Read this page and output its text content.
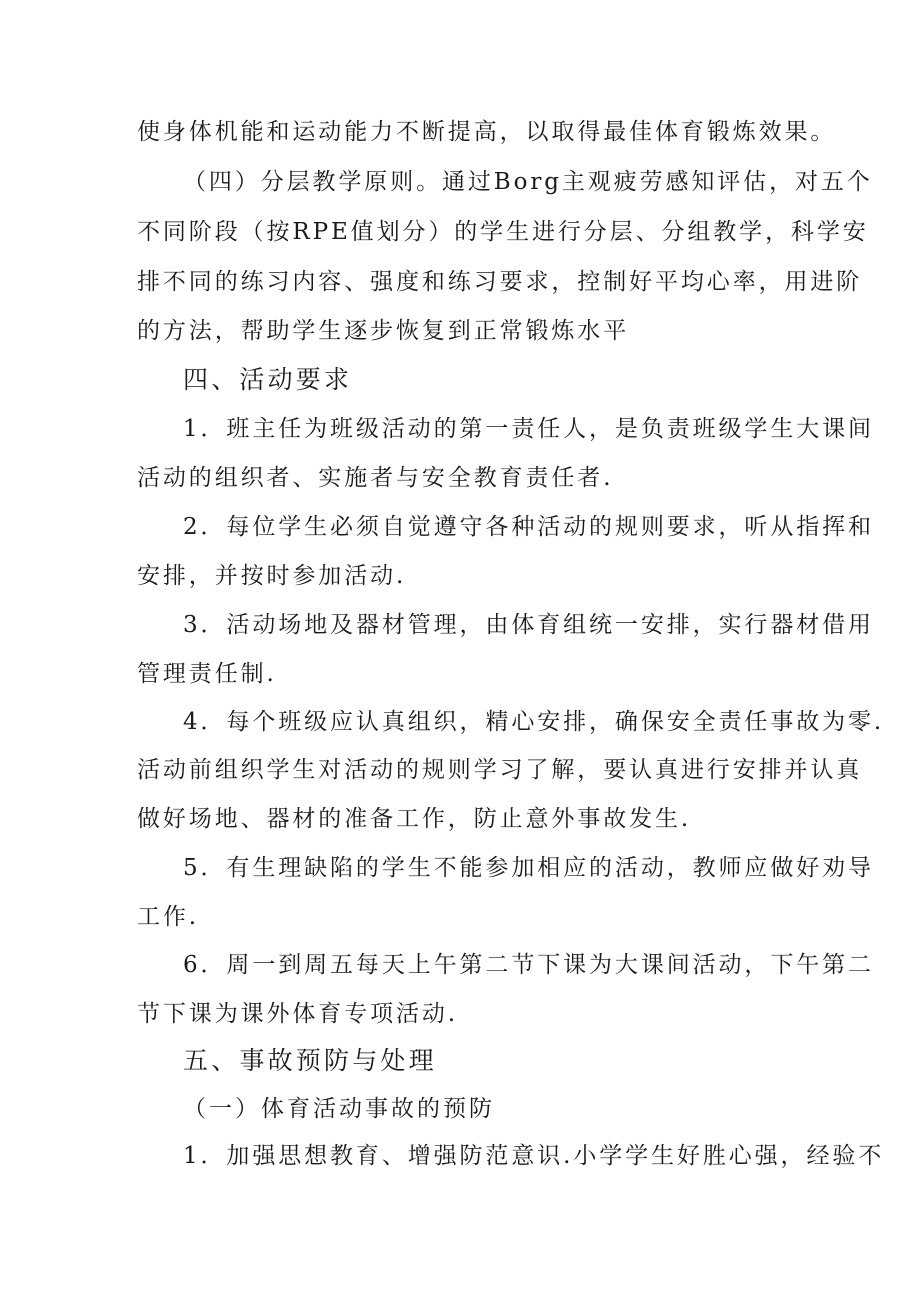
使身体机能和运动能力不断提高，以取得最佳体育锻炼效果。
（四）分层教学原则。通过Borg主观疲劳感知评估，对五个
不同阶段（按RPE值划分）的学生进行分层、分组教学，科学安
排不同的练习内容、强度和练习要求，控制好平均心率，用进阶
的方法，帮助学生逐步恢复到正常锻炼水平
四、活动要求
1．班主任为班级活动的第一责任人，是负责班级学生大课间
活动的组织者、实施者与安全教育责任者.
2．每位学生必须自觉遵守各种活动的规则要求，听从指挥和
安排，并按时参加活动.
3．活动场地及器材管理，由体育组统一安排，实行器材借用
管理责任制.
4．每个班级应认真组织，精心安排，确保安全责任事故为零.
活动前组织学生对活动的规则学习了解，要认真进行安排并认真
做好场地、器材的准备工作，防止意外事故发生.
5．有生理缺陷的学生不能参加相应的活动，教师应做好劝导
工作.
6．周一到周五每天上午第二节下课为大课间活动，下午第二
节下课为课外体育专项活动.
五、事故预防与处理
（一）体育活动事故的预防
1．加强思想教育、增强防范意识.小学学生好胜心强，经验不
